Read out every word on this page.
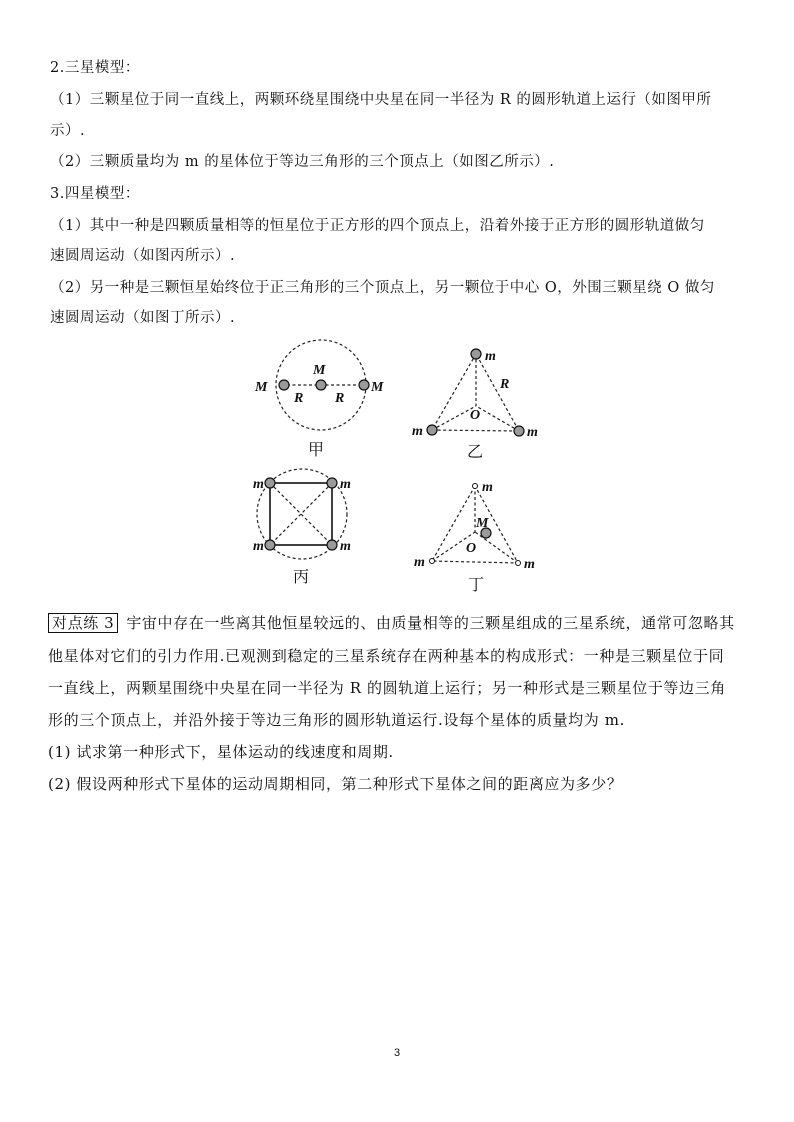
2.三星模型：
（1）三颗星位于同一直线上，两颗环绕星围绕中央星在同一半径为 R 的圆形轨道上运行（如图甲所
示）.
（2）三颗质量均为 m 的星体位于等边三角形的三个顶点上（如图乙所示）.
3.四星模型：
（1）其中一种是四颗质量相等的恒星位于正方形的四个顶点上，沿着外接于正方形的圆形轨道做匀
速圆周运动（如图丙所示）.
（2）另一种是三颗恒星始终位于正三角形的三个顶点上，另一颗位于中心 O，外围三颗星绕 O 做匀
速圆周运动（如图丁所示）.
M
M
M
R R
甲
m
m	m
R
O
乙
m	m
m	m
丙
m
m	m
M
O
丁
对点练 3 宇宙中存在一些离其他恒星较远的、由质量相等的三颗星组成的三星系统，通常可忽略其
他星体对它们的引力作用.已观测到稳定的三星系统存在两种基本的构成形式：一种是三颗星位于同
一直线上，两颗星围绕中央星在同一半径为 R 的圆轨道上运行；另一种形式是三颗星位于等边三角
形的三个顶点上，并沿外接于等边三角形的圆形轨道运行.设每个星体的质量均为 m.
(1) 试求第一种形式下，星体运动的线速度和周期.
(2) 假设两种形式下星体的运动周期相同，第二种形式下星体之间的距离应为多少？
3
